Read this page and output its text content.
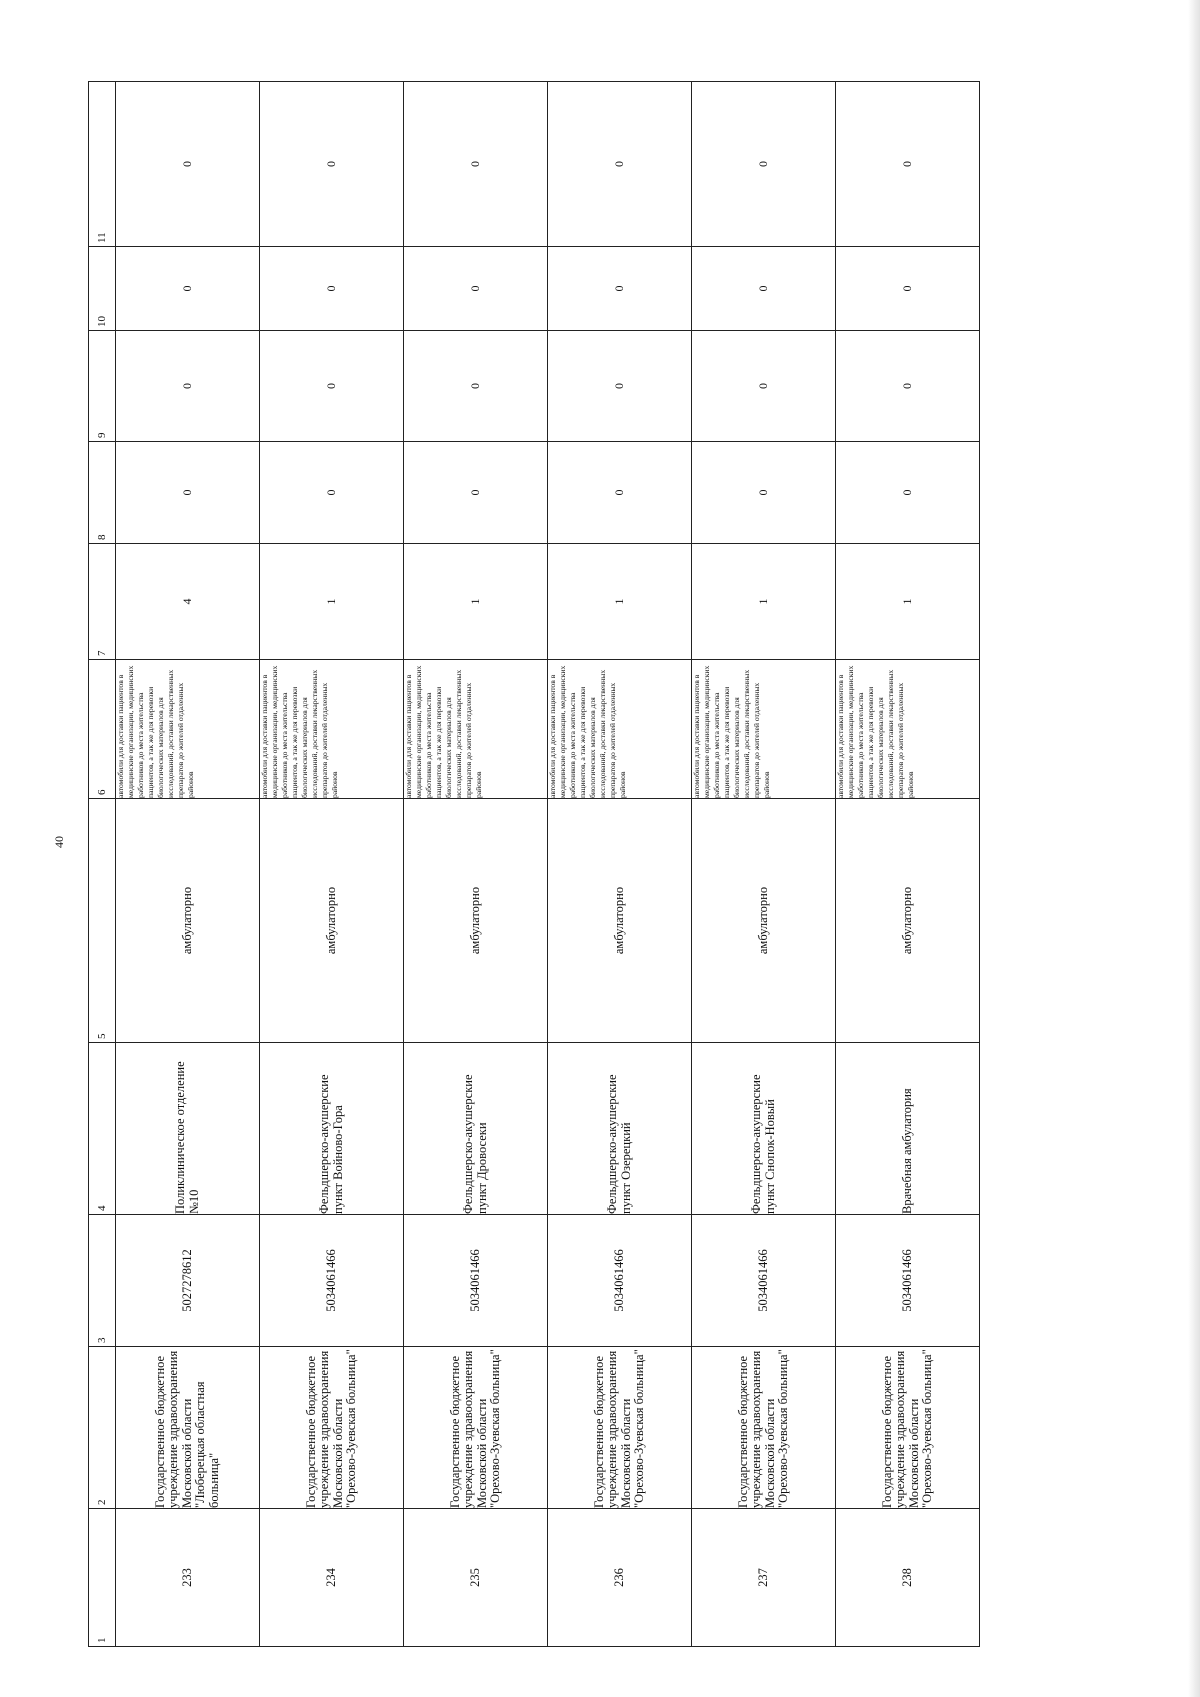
40
1	2	3	4	5	6	7	8	9	10	11
233	Государственное бюджетное учреждение здравоохранения Московской области "Люберецкая областная больница"	5027278612	Поликлиническое отделение №10	амбулаторно	автомобили для доставки пациентов в медицинские организации, медицинских работников до места жительства пациентов, а так же для перевозки биологических материалов для исследований, доставки лекарственных препаратов до жителей отдаленных районов	4	0	0	0	0
234	Государственное бюджетное учреждение здравоохранения Московской области "Орехово-Зуевская больница"	5034061466	Фельдшерско-акушерские пункт Войново-Гора	амбулаторно	автомобили для доставки пациентов в медицинские организации, медицинских работников до места жительства пациентов, а так же для перевозки биологических материалов для исследований, доставки лекарственных препаратов до жителей отдаленных районов	1	0	0	0	0
235	Государственное бюджетное учреждение здравоохранения Московской области "Орехово-Зуевская больница"	5034061466	Фельдшерско-акушерские пункт Дровосеки	амбулаторно	автомобили для доставки пациентов в медицинские организации, медицинских работников до места жительства пациентов, а так же для перевозки биологических материалов для исследований, доставки лекарственных препаратов до жителей отдаленных районов	1	0	0	0	0
236	Государственное бюджетное учреждение здравоохранения Московской области "Орехово-Зуевская больница"	5034061466	Фельдшерско-акушерские пункт Озерецкий	амбулаторно	автомобили для доставки пациентов в медицинские организации, медицинских работников до места жительства пациентов, а так же для перевозки биологических материалов для исследований, доставки лекарственных препаратов до жителей отдаленных районов	1	0	0	0	0
237	Государственное бюджетное учреждение здравоохранения Московской области "Орехово-Зуевская больница"	5034061466	Фельдшерско-акушерские пункт Снопок-Новый	амбулаторно	автомобили для доставки пациентов в медицинские организации, медицинских работников до места жительства пациентов, а так же для перевозки биологических материалов для исследований, доставки лекарственных препаратов до жителей отдаленных районов	1	0	0	0	0
238	Государственное бюджетное учреждение здравоохранения Московской области "Орехово-Зуевская больница"	5034061466	Врачебная амбулатория	амбулаторно	автомобили для доставки пациентов в медицинские организации, медицинских работников до места жительства пациентов, а так же для перевозки биологических материалов для исследований, доставки лекарственных препаратов до жителей отдаленных районов	1	0	0	0	0
